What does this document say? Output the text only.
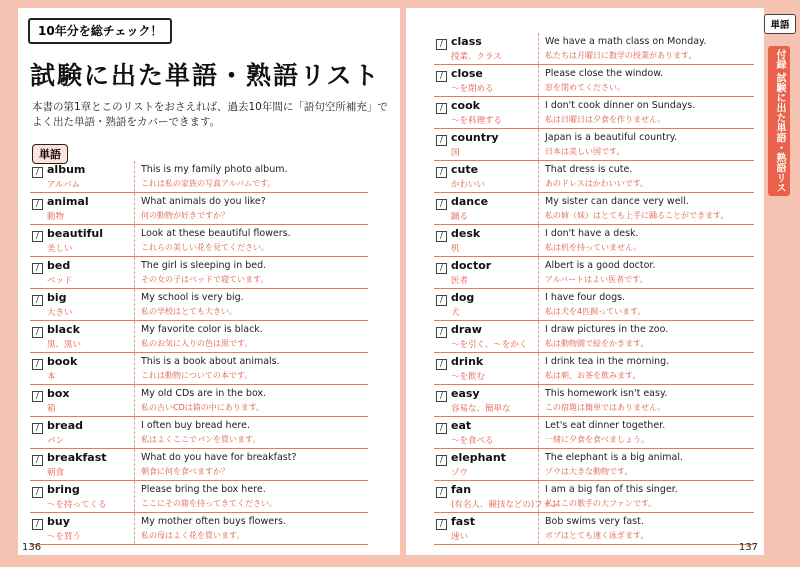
10年分を総チェック！
試験に出た単語・熟語リスト
本書の第1章とこのリストをおさえれば、過去10年間に「語句空所補充」でよく出た単語・熟語をカバーできます。
単語
∕ album
アルバム
This is my family photo album.
これは私の家族の写真アルバムです。
∕ animal
動物
What animals do you like?
何の動物が好きですか？
∕ beautiful
美しい
Look at these beautiful flowers.
これらの美しい花を見てください。
∕ bed
ベッド
The girl is sleeping in bed.
その女の子はベッドで寝ています。
∕ big
大きい
My school is very big.
私の学校はとても大きい。
∕ black
黒、黒い
My favorite color is black.
私のお気に入りの色は黒です。
∕ book
本
This is a book about animals.
これは動物についての本です。
∕ box
箱
My old CDs are in the box.
私の古いCDは箱の中にあります。
∕ bread
パン
I often buy bread here.
私はよくここでパンを買います。
∕ breakfast
朝食
What do you have for breakfast?
朝食に何を食べますか？
∕ bring
～を持ってくる
Please bring the box here.
ここにその箱を持ってきてください。
∕ buy
～を買う
My mother often buys flowers.
私の母はよく花を買います。
136
∕ class
授業、クラス
We have a math class on Monday.
私たちは月曜日に数学の授業があります。
∕ close
～を閉める
Please close the window.
窓を閉めてください。
∕ cook
～を料理する
I don't cook dinner on Sundays.
私は日曜日は夕食を作りません。
∕ country
国
Japan is a beautiful country.
日本は美しい国です。
∕ cute
かわいい
That dress is cute.
あのドレスはかわいいです。
∕ dance
踊る
My sister can dance very well.
私の姉（妹）はとても上手に踊ることができます。
∕ desk
机
I don't have a desk.
私は机を持っていません。
∕ doctor
医者
Albert is a good doctor.
アルバートはよい医者です。
∕ dog
犬
I have four dogs.
私は犬を4匹飼っています。
∕ draw
～を引く、～をかく
I draw pictures in the zoo.
私は動物園で絵をかきます。
∕ drink
～を飲む
I drink tea in the morning.
私は朝、お茶を飲みます。
∕ easy
容易な、簡単な
This homework isn't easy.
この宿題は簡単ではありません。
∕ eat
～を食べる
Let's eat dinner together.
一緒に夕食を食べましょう。
∕ elephant
ゾウ
The elephant is a big animal.
ゾウは大きな動物です。
∕ fan
(有名人、競技などの)ファン
I am a big fan of this singer.
私はこの歌手の大ファンです。
∕ fast
速い
Bob swims very fast.
ボブはとても速く泳ぎます。
137
単語
付録 試験に出た単語・熟語リスト
